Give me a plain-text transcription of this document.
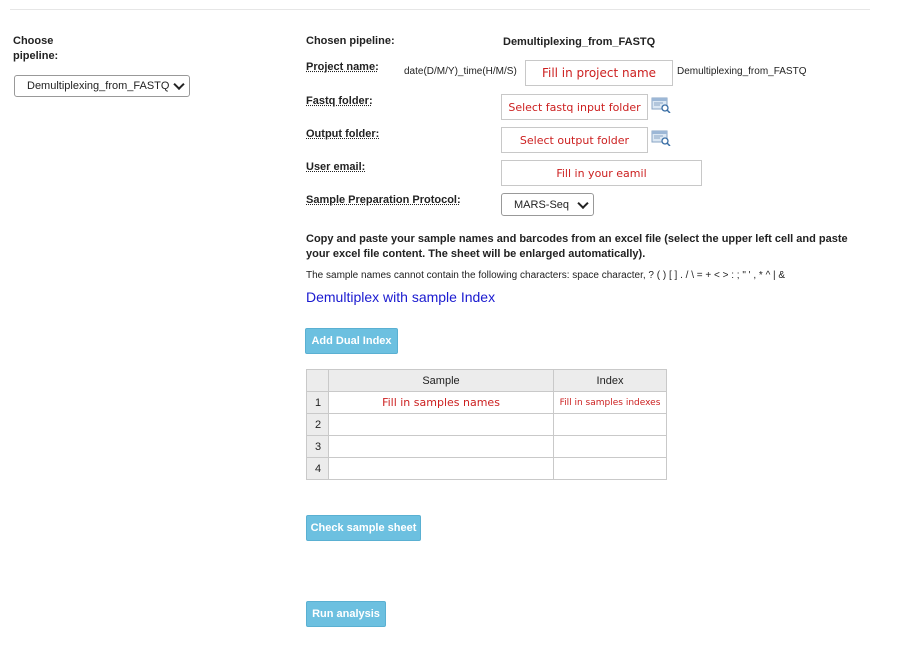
Choose pipeline:
Demultiplexing_from_FASTQ
Chosen pipeline:	Demultiplexing_from_FASTQ
Project name:	date(D/M/Y)_time(H/M/S) Fill in project name Demultiplexing_from_FASTQ
Fastq folder:	Select fastq input folder
Output folder:	Select output folder
User email:	Fill in your eamil
Sample Preparation Protocol:	MARS-Seq
Copy and paste your sample names and barcodes from an excel file (select the upper left cell and paste your excel file content. The sheet will be enlarged automatically).
The sample names cannot contain the following characters: space character, ? ( ) [ ] . / \ = + < > : ; " ' , * ^ | &
Demultiplex with sample Index
Add Dual Index
	Sample	Index
1	Fill in samples names	Fill in samples indexes
2		
3		
4		
Check sample sheet
Run analysis
